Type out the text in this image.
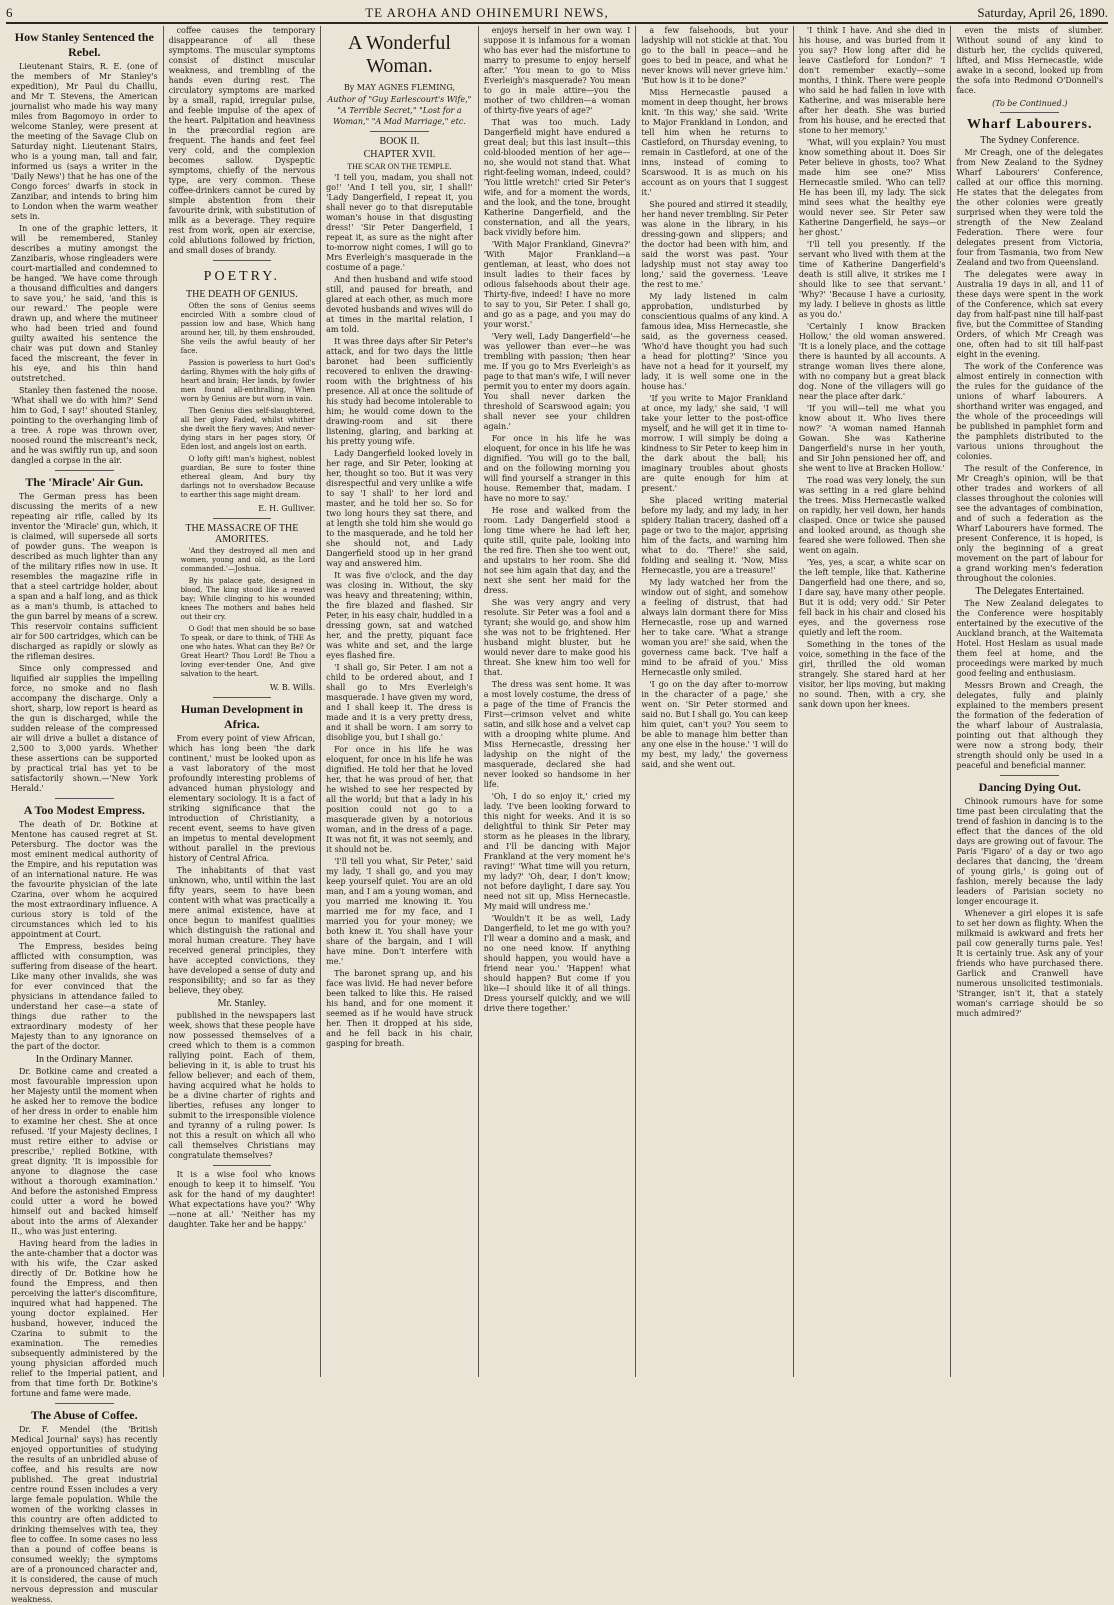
6	TE AROHA AND OHINEMURI NEWS,	Saturday, April 26, 1890.
How Stanley Sentenced the Rebel.

Lieutenant Stairs, R. E. (one of the members of Mr Stanley's expedition), Mr Paul du Chaillu, and Mr T. Stevens, the American journalist who made his way many miles from Bagomoyo in order to welcome Stanley, were present at the meeting of the Savage Club on Saturday night. Lieutenant Stairs, who is a young man, tall and fair, informed us (says a writer in the 'Daily News') that he has one of the Congo forces' dwarfs in stock in Zanzibar, and intends to bring him to London when the warm weather sets in.

In one of the graphic letters, it will be remembered, Stanley describes a mutiny amongst the Zanzibaris, whose ringleaders were court-martialled and condemned to be hanged. 'We have come through a thousand difficulties and dangers to save you,' he said, 'and this is our reward.' The people were drawn up, and where the mutineer who had been tried and found guilty awaited his sentence the chair was put down and Stanley faced the miscreant, the fever in his eye, and his thin hand outstretched.

Stanley then fastened the noose. 'What shall we do with him?' Send him to God, I say!' shouted Stanley, pointing to the overhanging limb of a tree. A rope was thrown over, noosed round the miscreant's neck, and he was swiftly run up, and soon dangled a corpse in the air.

The 'Miracle' Air Gun.

The German press has been discussing the merits of a new repeating air rifle, called by its inventor the 'Miracle' gun, which, it is claimed, will supersede all sorts of powder guns. The weapon is described as much lighter than any of the military rifles now in use. It resembles the magazine rifle in that a steel cartridge holder, about a span and a half long, and as thick as a man's thumb, is attached to the gun barrel by means of a screw. This reservoir contains sufficient air for 500 cartridges, which can be discharged as rapidly or slowly as the rifleman desires.

Since only compressed and liquified air supplies the impelling force, no smoke and no flash accompany the discharge. Only a short, sharp, low report is heard as the gun is discharged, while the sudden release of the compressed air will drive a bullet a distance of 2,500 to 3,000 yards. Whether these assertions can be supported by practical trial has yet to be satisfactorily shown.—'New York Herald.'

A Too Modest Empress.

The death of Dr. Botkine at Mentone has caused regret at St. Petersburg. The doctor was the most eminent medical authority of the Empire, and his reputation was of an international nature. He was the favourite physician of the late Czarina, over whom he acquired the most extraordinary influence. A curious story is told of the circumstances which led to his appointment at Court.

The Empress, besides being afflicted with consumption, was suffering from disease of the heart. Like many other invalids, she was for ever convinced that the physicians in attendance failed to understand her case—a state of things due rather to the extraordinary modesty of her Majesty than to any ignorance on the part of the doctor.

In the Ordinary Manner.

Dr. Botkine came and created a most favourable impression upon her Majesty until the moment when he asked her to remove the bodice of her dress in order to enable him to examine her chest. She at once refused. 'If your Majesty declines, I must retire either to advise or prescribe,' replied Botkine, with great dignity. 'It is impossible for anyone to diagnose the case without a thorough examination.' And before the astonished Empress could utter a word he bowed himself out and backed himself about into the arms of Alexander II., who was just entering.

Having heard from the ladies in the ante-chamber that a doctor was with his wife, the Czar asked directly of Dr. Botkine how he found the Empress, and then perceiving the latter's discomfiture, inquired what had happened. The young doctor explained. Her husband, however, induced the Czarina to submit to the examination. The remedies subsequently administered by the young physician afforded much relief to the Imperial patient, and from that time forth Dr. Botkine's fortune and fame were made.

The Abuse of Coffee.

Dr. F. Mendel (the 'British Medical Journal' says) has recently enjoyed opportunities of studying the results of an unbridled abuse of coffee, and his results are now published. The great industrial centre round Essen includes a very large female population. While the women of the working classes in this country are often addicted to drinking themselves with tea, they flee to coffee. In some cases no less than a pound of coffee beans is consumed weekly; the symptoms are of a pronounced character and, it is considered, the cause of much nervous depression and muscular weakness.

coffee causes the temporary disappearance of all these symptoms. The muscular symptoms consist of distinct muscular weakness, and trembling of the hands even during rest. The circulatory symptoms are marked by a small, rapid, irregular pulse, and feeble impulse of the apex of the heart. Palpitation and heaviness in the præcordial region are frequent. The hands and feet feel very cold, and the complexion becomes sallow. Dyspeptic symptoms, chiefly of the nervous type, are very common. These coffee-drinkers cannot be cured by simple abstention from their favourite drink, with substitution of milk as a beverage. They require rest from work, open air exercise, cold ablutions followed by friction, and small doses of brandy.

POETRY.
THE DEATH OF GENIUS.

Often the sons of Genius seems encircled With a sombre cloud of passion low and base, Which hang around her, till, by them enshrouded, She veils the awful beauty of her face.

Passion is powerless to hurt God's darling, Rhymes with the holy gifts of heart and brain; Her lands, by fowler men found all-enthralling, When worn by Genius are but worn in vain.

Then Genius dies self-slaughtered, all her glory Faded, whilst whither she dwelt the fiery waves; And never-dying stars in her pages story, Of Eden lost, and angels lost on earth.

O lofty gift! man's highest, noblest guardian, Be sure to foster thine ethereal gleam, And bury thy darlings not to overshadow Because to earther this sage might dream.

E. H. Gulliver.
THE MASSACRE OF THE AMORITES.

'And they destroyed all men and women, young and old, as the Lord commanded.'—Joshua.

By his palace gate, designed in blood, The king stood like a reaved bay; While clinging to his wounded knees The mothers and babes held out their cry.

O God! that men should be so base To speak, or dare to think, of THE As one who hates. What can they Be? Or Great Heart? Thou Lord! Be Thou a loving ever-tender One, And give salvation to the heart.

W. B. Wills.
Human Development in Africa.

From every point of view African, which has long been 'the dark continent,' must be looked upon as a vast laboratory of the most profoundly interesting problems of advanced human physiology and elementary sociology. It is a fact of striking significance that the introduction of Christianity, a recent event, seems to have given an impetus to mental development without parallel in the previous history of Central Africa.

The inhabitants of that vast unknown, who, until within the last fifty years, seem to have been content with what was practically a mere animal existence, have at once begun to manifest qualities which distinguish the rational and moral human creature. They have received general principles, they have accepted convictions, they have developed a sense of duty and responsibility; and so far as they believe, they obey.

Mr. Stanley.

published in the newspapers last week, shows that these people have now possessed themselves of a creed which to them is a common rallying point. Each of them, believing in it, is able to trust his fellow believer; and each of them, having acquired what he holds to be a divine charter of rights and liberties, refuses any longer to submit to the irresponsible violence and tyranny of a ruling power. Is not this a result on which all who call themselves Christians may congratulate themselves?

It is a wise fool who knows enough to keep it to himself. 'You ask for the hand of my daughter! What expectations have you?' 'Why—none at all.' 'Neither has my daughter. Take her and be happy.'

A Wonderful Woman.
By MAY AGNES FLEMING,
Author of "Guy Earlescourt's Wife," "A Terrible Secret," "Lost for a Woman," "A Mad Marriage," etc.
BOOK II.
CHAPTER XVII.
THE SCAR ON THE TEMPLE.

'I tell you, madam, you shall not go!' 'And I tell you, sir, I shall!' 'Lady Dangerfield, I repeat it, you shall never go to that disreputable woman's house in that disgusting dress!' 'Sir Peter Dangerfield, I repeat it, as sure as the night after to-morrow night comes, I will go to Mrs Everleigh's masquerade in the costume of a page.'

And then husband and wife stood still, and paused for breath, and glared at each other, as much more devoted husbands and wives will do at times in the marital relation, I am told.

It was three days after Sir Peter's attack, and for two days the little baronet had been sufficiently recovered to enliven the drawing-room with the brightness of his presence. All at once the solitude of his study had become intolerable to him; he would come down to the drawing-room and sit there listening, glaring, and barking at his pretty young wife.

Lady Dangerfield looked lovely in her rage, and Sir Peter, looking at her, thought so too. But it was very disrespectful and very unlike a wife to say 'I shall' to her lord and master, and he told her so. So for two long hours they sat there, and at length she told him she would go to the masquerade, and he told her she should not, and Lady Dangerfield stood up in her grand way and answered him.

It was five o'clock, and the day was closing in. Without, the sky was heavy and threatening; within, the fire blazed and flashed. Sir Peter, in his easy chair, huddled in a dressing gown, sat and watched her, and the pretty, piquant face was white and set, and the large eyes flashed fire.

'I shall go, Sir Peter. I am not a child to be ordered about, and I shall go to Mrs Everleigh's masquerade. I have given my word, and I shall keep it. The dress is made and it is a very pretty dress, and it shall be worn. I am sorry to disoblige you, but I shall go.'

For once in his life he was eloquent, for once in his life he was dignified. He told her that he loved her, that he was proud of her, that he wished to see her respected by all the world; but that a lady in his position could not go to a masquerade given by a notorious woman, and in the dress of a page. It was not fit, it was not seemly, and it should not be.

'I'll tell you what, Sir Peter,' said my lady, 'I shall go, and you may keep yourself quiet. You are an old man, and I am a young woman, and you married me knowing it. You married me for my face, and I married you for your money; we both knew it. You shall have your share of the bargain, and I will have mine. Don't interfere with me.'

The baronet sprang up, and his face was livid. He had never before been talked to like this. He raised his hand, and for one moment it seemed as if he would have struck her. Then it dropped at his side, and he fell back in his chair, gasping for breath.

enjoys herself in her own way. I suppose it is infamous for a woman who has ever had the misfortune to marry to presume to enjoy herself after.' 'You mean to go to Miss Everleigh's masquerade? You mean to go in male attire—you the mother of two children—a woman of thirty-five years of age?'

That was too much. Lady Dangerfield might have endured a great deal; but this last insult—this cold-blooded mention of her age—no, she would not stand that. What right-feeling woman, indeed, could? 'You little wretch!' cried Sir Peter's wife, and for a moment the words, and the look, and the tone, brought Katherine Dangerfield, and the consternation, and all the years, back vividly before him.

'With Major Frankland, Ginevra?' 'With Major Frankland—a gentleman, at least, who does not insult ladies to their faces by odious falsehoods about their age. Thirty-five, indeed! I have no more to say to you, Sir Peter. I shall go, and go as a page, and you may do your worst.'

'Very well, Lady Dangerfield'—he was yellower than ever—he was trembling with passion; 'then hear me. If you go to Mrs Everleigh's as page to that man's wife, I will never permit you to enter my doors again. You shall never darken the threshold of Scarswood again; you shall never see your children again.'

For once in his life he was eloquent, for once in his life he was dignified. 'You will go to the ball, and on the following morning you will find yourself a stranger in this house. Remember that, madam. I have no more to say.'

He rose and walked from the room. Lady Dangerfield stood a long time where he had left her, quite still, quite pale, looking into the red fire. Then she too went out, and upstairs to her room. She did not see him again that day, and the next she sent her maid for the dress.

She was very angry and very resolute. Sir Peter was a fool and a tyrant; she would go, and show him she was not to be frightened. Her husband might bluster, but he would never dare to make good his threat. She knew him too well for that.

The dress was sent home. It was a most lovely costume, the dress of a page of the time of Francis the First—crimson velvet and white satin, and silk hose and a velvet cap with a drooping white plume. And Miss Hernecastle, dressing her ladyship on the night of the masquerade, declared she had never looked so handsome in her life.

'Oh, I do so enjoy it,' cried my lady. 'I've been looking forward to this night for weeks. And it is so delightful to think Sir Peter may storm as he pleases in the library, and I'll be dancing with Major Frankland at the very moment he's raving!' 'What time will you return, my lady?' 'Oh, dear, I don't know; not before daylight, I dare say. You need not sit up, Miss Hernecastle. My maid will undress me.'

'Wouldn't it be as well, Lady Dangerfield, to let me go with you? I'll wear a domino and a mask, and no one need know. If anything should happen, you would have a friend near you.' 'Happen! what should happen? But come if you like—I should like it of all things. Dress yourself quickly, and we will drive there together.'

a few falsehoods, but your ladyship will not stickle at that. You go to the ball in peace—and he goes to bed in peace, and what he never knows will never grieve him.' 'But how is it to be done?'

Miss Hernecastle paused a moment in deep thought, her brows knit. 'In this way,' she said. 'Write to Major Frankland in London, and tell him when he returns to Castleford, on Thursday evening, to remain in Castleford, at one of the inns, instead of coming to Scarswood. It is as much on his account as on yours that I suggest it.'

She poured and stirred it steadily, her hand never trembling. Sir Peter was alone in the library, in his dressing-gown and slippers; and the doctor had been with him, and said the worst was past. 'Your ladyship must not stay away too long,' said the governess. 'Leave the rest to me.'

My lady listened in calm approbation, undisturbed by conscientious qualms of any kind. A famous idea, Miss Hernecastle, she said, as the governess ceased. 'Who'd have thought you had such a head for plotting?' 'Since you have not a head for it yourself, my lady, it is well some one in the house has.'

'If you write to Major Frankland at once, my lady,' she said, 'I will take your letter to the post-office myself, and he will get it in time to-morrow. I will simply be doing a kindness to Sir Peter to keep him in the dark about the ball; his imaginary troubles about ghosts are quite enough for him at present.'

She placed writing material before my lady, and my lady, in her spidery Italian tracery, dashed off a page or two to the major, apprising him of the facts, and warning him what to do. 'There!' she said, folding and sealing it. 'Now, Miss Hernecastle, you are a treasure!'

My lady watched her from the window out of sight, and somehow a feeling of distrust, that had always lain dormant there for Miss Hernecastle, rose up and warned her to take care. 'What a strange woman you are!' she said, when the governess came back. 'I've half a mind to be afraid of you.' Miss Hernecastle only smiled.

'I go on the day after to-morrow in the character of a page,' she went on. 'Sir Peter stormed and said no. But I shall go. You can keep him quiet, can't you? You seem to be able to manage him better than any one else in the house.' 'I will do my best, my lady,' the governess said, and she went out.

'I think I have. And she died in his house, and was buried from it you say? How long after did he leave Castleford for London?' 'I don't remember exactly—some months, I think. There were people who said he had fallen in love with Katherine, and was miserable here after her death. She was buried from his house, and he erected that stone to her memory.'

'What, will you explain? You must know something about it. Does Sir Peter believe in ghosts, too? What made him see one?' Miss Hernecastle smiled. 'Who can tell? He has been ill, my lady. The sick mind sees what the healthy eye would never see. Sir Peter saw Katherine Dangerfield, he says—or her ghost.'

'I'll tell you presently. If the servant who lived with them at the time of Katherine Dangerfield's death is still alive, it strikes me I should like to see that servant.' 'Why?' 'Because I have a curiosity, my lady. I believe in ghosts as little as you do.'

'Certainly I know Bracken Hollow,' the old woman answered. 'It is a lonely place, and the cottage there is haunted by all accounts. A strange woman lives there alone, with no company but a great black dog. None of the villagers will go near the place after dark.'

'If you will—tell me what you know about it. Who lives there now?' 'A woman named Hannah Gowan. She was Katherine Dangerfield's nurse in her youth, and Sir John pensioned her off, and she went to live at Bracken Hollow.'

The road was very lonely, the sun was setting in a red glare behind the trees. Miss Hernecastle walked on rapidly, her veil down, her hands clasped. Once or twice she paused and looked around, as though she feared she were followed. Then she went on again.

'Yes, yes, a scar, a white scar on the left temple, like that. Katherine Dangerfield had one there, and so, I dare say, have many other people. But it is odd; very odd.' Sir Peter fell back in his chair and closed his eyes, and the governess rose quietly and left the room.

Something in the tones of the voice, something in the face of the girl, thrilled the old woman strangely. She stared hard at her visitor, her lips moving, but making no sound. Then, with a cry, she sank down upon her knees.

even the mists of slumber. Without sound of any kind to disturb her, the cyclids quivered, lifted, and Miss Hernecastle, wide awake in a second, looked up from the sofa into Redmond O'Donnell's face.

(To be Continued.)
Wharf Labourers.
The Sydney Conference.

Mr Creagh, one of the delegates from New Zealand to the Sydney Wharf Labourers' Conference, called at our office this morning. He states that the delegates from the other colonies were greatly surprised when they were told the strength of the New Zealand Federation. There were four delegates present from Victoria, four from Tasmania, two from New Zealand and two from Queensland.

The delegates were away in Australia 19 days in all, and 11 of these days were spent in the work of the Conference, which sat every day from half-past nine till half-past five, but the Committee of Standing Orders, of which Mr Creagh was one, often had to sit till half-past eight in the evening.

The work of the Conference was almost entirely in connection with the rules for the guidance of the unions of wharf labourers. A shorthand writer was engaged, and the whole of the proceedings will be published in pamphlet form and the pamphlets distributed to the various unions throughout the colonies.

The result of the Conference, in Mr Creagh's opinion, will be that other trades and workers of all classes throughout the colonies will see the advantages of combination, and of such a federation as the Wharf Labourers have formed. The present Conference, it is hoped, is only the beginning of a great movement on the part of labour for a grand working men's federation throughout the colonies.

The Delegates Entertained.

The New Zealand delegates to the Conference were hospitably entertained by the executive of the Auckland branch, at the Waitemata Hotel. Host Heslam as usual made them feel at home, and the proceedings were marked by much good feeling and enthusiasm.

Messrs Brown and Creagh, the delegates, fully and plainly explained to the members present the formation of the federation of the wharf labour of Australasia, pointing out that although they were now a strong body, their strength should only be used in a peaceful and beneficial manner.

Dancing Dying Out.

Chinook rumours have for some time past been circulating that the trend of fashion in dancing is to the effect that the dances of the old days are growing out of favour. The Paris 'Figaro' of a day or two ago declares that dancing, the 'dream of young girls,' is going out of fashion, merely because the lady leaders of Parisian society no longer encourage it.

Whenever a girl elopes it is safe to set her down as flighty. When the milkmaid is awkward and frets her pail cow generally turns pale. Yes! It is certainly true. Ask any of your friends who have purchased there. Garlick and Cranwell have numerous unsolicited testimonials. 'Stranger, isn't it, that a stately woman's carriage should be so much admired?'
